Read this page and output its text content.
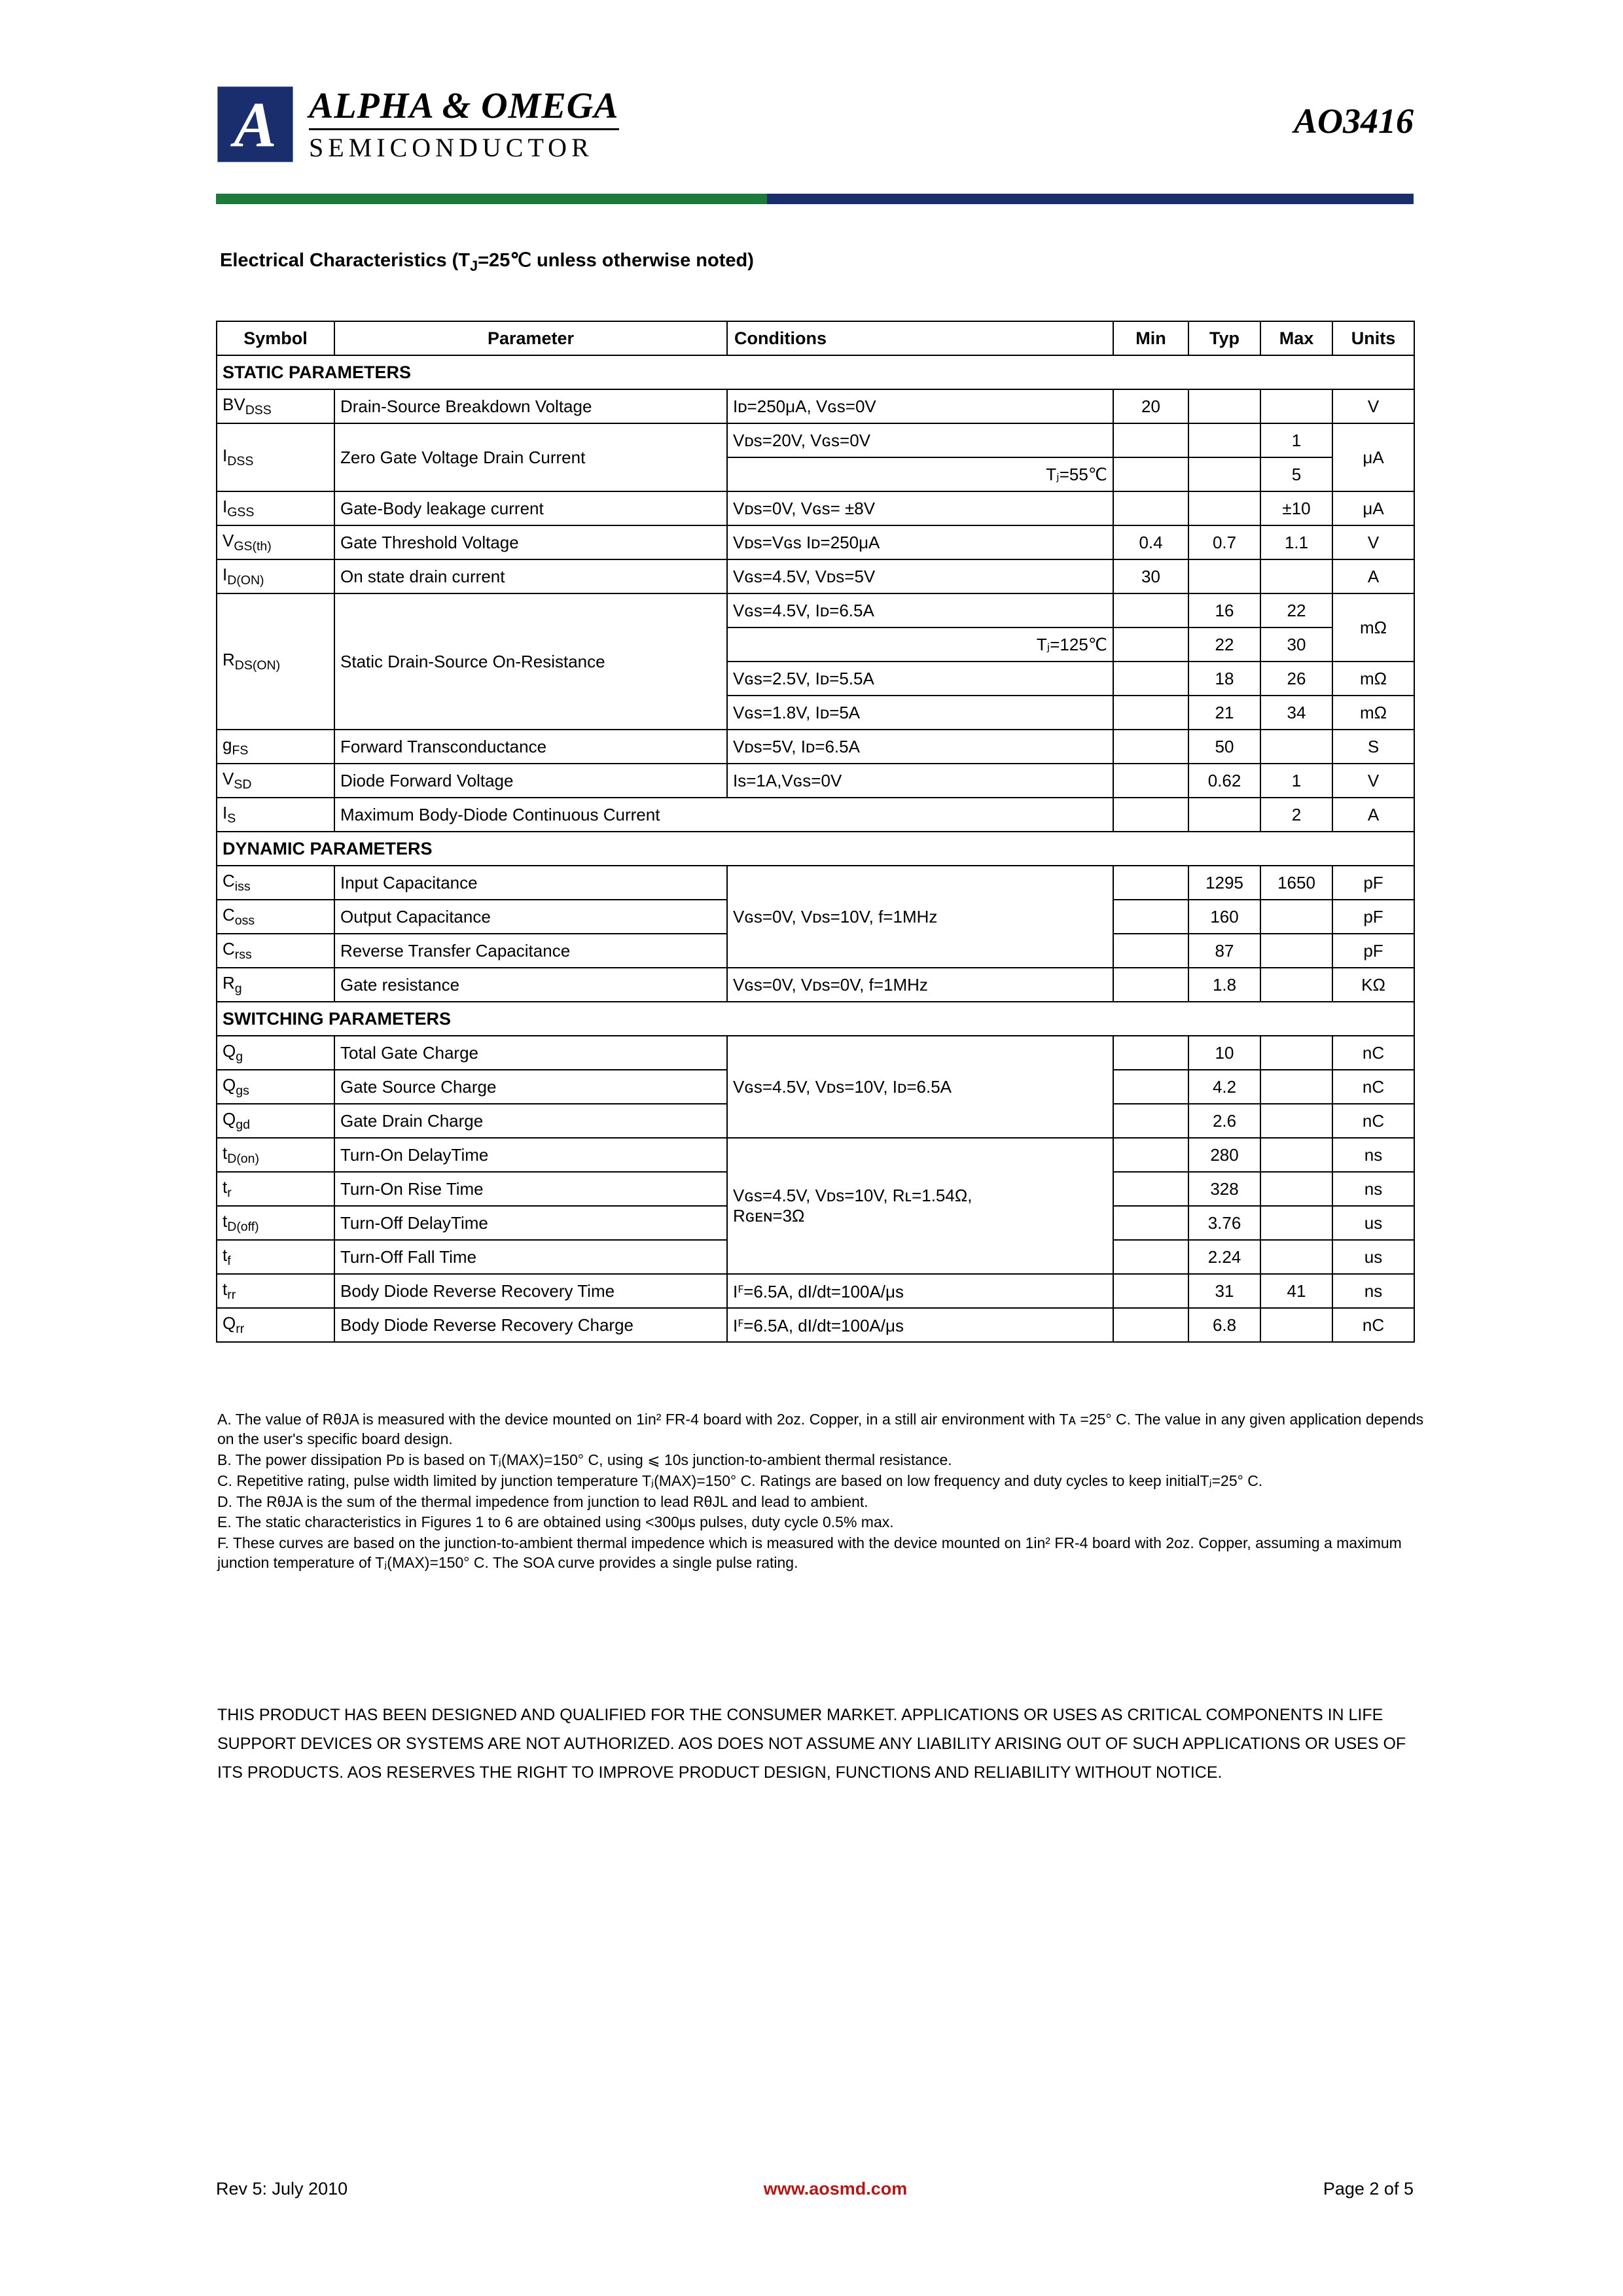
A ALPHA & OMEGA
SEMICONDUCTOR
AO3416
Electrical Characteristics ($T_J=25℃$ unless otherwise noted)
Symbol	Parameter	Conditions		Min	Typ	Max	Units
STATIC PARAMETERS							
$BV_{DSS}$	Drain-Source Breakdown Voltage	Iᴅ=250μA, Vɢѕ=0V		20			V
$I_{DSS}$	Zero Gate Voltage Drain Current	Vᴅѕ=20V, Vɢѕ=0V				1	μA
			Tⱼ=55℃			5	
$I_{GSS}$	Gate-Body leakage current	Vᴅѕ=0V, Vɢѕ= ±8V				±10	μA
$V_{GS(th)}$	Gate Threshold Voltage	Vᴅѕ=Vɢѕ Iᴅ=250μA		0.4	0.7	1.1	V
$I_{D(ON)}$	On state drain current	Vɢѕ=4.5V, Vᴅѕ=5V		30			A
$R_{DS(ON)}$	Static Drain-Source On-Resistance	Vɢѕ=4.5V, Iᴅ=6.5A			16	22	mΩ
			Tⱼ=125℃		22	30	
		Vɢѕ=2.5V, Iᴅ=5.5A			18	26	mΩ
		Vɢѕ=1.8V, Iᴅ=5A			21	34	mΩ
$g_{FS}$	Forward Transconductance	Vᴅѕ=5V, Iᴅ=6.5A			50		S
$V_{SD}$	Diode Forward Voltage	Iѕ=1A,Vɢѕ=0V			0.62	1	V
$I_S$	Maximum Body-Diode Continuous Current					2	A
DYNAMIC PARAMETERS							
$C_{iss}$	Input Capacitance	Vɢѕ=0V, Vᴅѕ=10V, f=1MHz			1295	1650	pF
$C_{oss}$	Output Capacitance				160		pF
$C_{rss}$	Reverse Transfer Capacitance				87		pF
$R_g$	Gate resistance	Vɢѕ=0V, Vᴅѕ=0V, f=1MHz			1.8		KΩ
SWITCHING PARAMETERS							
$Q_g$	Total Gate Charge	Vɢѕ=4.5V, Vᴅѕ=10V, Iᴅ=6.5A			10		nC
$Q_{gs}$	Gate Source Charge				4.2		nC
$Q_{gd}$	Gate Drain Charge				2.6		nC
$t_{D(on)}$	Turn-On DelayTime	Vɢѕ=4.5V, Vᴅѕ=10V, Rʟ=1.54Ω,
Rɢᴇɴ=3Ω			280		ns
$t_r$	Turn-On Rise Time				328		ns
$t_{D(off)}$	Turn-Off DelayTime				3.76		us
$t_f$	Turn-Off Fall Time				2.24		us
$t_{rr}$	Body Diode Reverse Recovery Time	Iꟳ=6.5A, dI/dt=100A/μs			31	41	ns
$Q_{rr}$	Body Diode Reverse Recovery Charge	Iꟳ=6.5A, dI/dt=100A/μs			6.8		nC

A. The value of RθJA is measured with the device mounted on 1in² FR-4 board with 2oz. Copper, in a still air environment with Tᴀ =25° C. The value in any given application depends on the user's specific board design.

B. The power dissipation Pᴅ is based on Tⱼ(MAX)=150° C, using ⩽ 10s junction-to-ambient thermal resistance.

C. Repetitive rating, pulse width limited by junction temperature Tⱼ(MAX)=150° C. Ratings are based on low frequency and duty cycles to keep initialTⱼ=25° C.

D. The RθJA is the sum of the thermal impedence from junction to lead RθJL and lead to ambient.

E. The static characteristics in Figures 1 to 6 are obtained using <300μs pulses, duty cycle 0.5% max.

F. These curves are based on the junction-to-ambient thermal impedence which is measured with the device mounted on 1in² FR-4 board with 2oz. Copper, assuming a maximum junction temperature of Tⱼ(MAX)=150° C. The SOA curve provides a single pulse rating.

THIS PRODUCT HAS BEEN DESIGNED AND QUALIFIED FOR THE CONSUMER MARKET. APPLICATIONS OR USES AS CRITICAL COMPONENTS IN LIFE SUPPORT DEVICES OR SYSTEMS ARE NOT AUTHORIZED. AOS DOES NOT ASSUME ANY LIABILITY ARISING OUT OF SUCH APPLICATIONS OR USES OF ITS PRODUCTS. AOS RESERVES THE RIGHT TO IMPROVE PRODUCT DESIGN, FUNCTIONS AND RELIABILITY WITHOUT NOTICE.
Rev 5: July 2010	www.aosmd.com	Page 2 of 5
